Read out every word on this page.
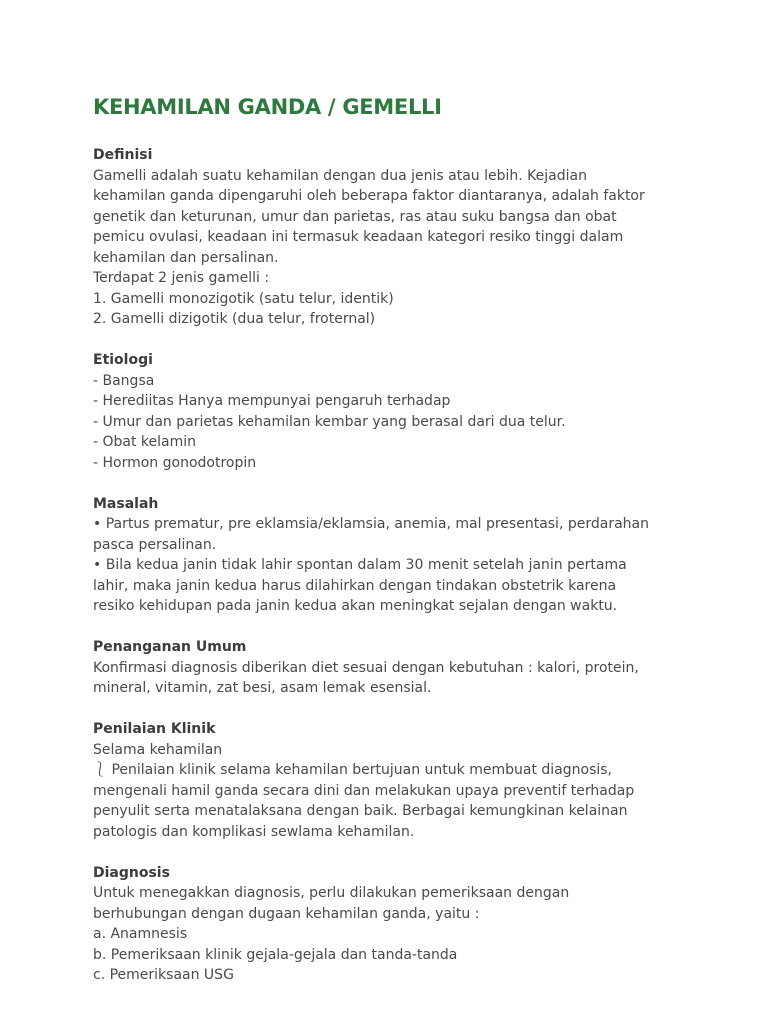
KEHAMILAN GANDA / GEMELLI

Definisi

Gamelli adalah suatu kehamilan dengan dua jenis atau lebih. Kejadian

kehamilan ganda dipengaruhi oleh beberapa faktor diantaranya, adalah faktor

genetik dan keturunan, umur dan parietas, ras atau suku bangsa dan obat

pemicu ovulasi, keadaan ini termasuk keadaan kategori resiko tinggi dalam

kehamilan dan persalinan.

Terdapat 2 jenis gamelli :

1. Gamelli monozigotik (satu telur, identik)

2. Gamelli dizigotik (dua telur, froternal)

Etiologi

- Bangsa

- Herediitas Hanya mempunyai pengaruh terhadap

- Umur dan parietas kehamilan kembar yang berasal dari dua telur.

- Obat kelamin

- Hormon gonodotropin

Masalah

• Partus prematur, pre eklamsia/eklamsia, anemia, mal presentasi, perdarahan

pasca persalinan.

• Bila kedua janin tidak lahir spontan dalam 30 menit setelah janin pertama

lahir, maka janin kedua harus dilahirkan dengan tindakan obstetrik karena

resiko kehidupan pada janin kedua akan meningkat sejalan dengan waktu.

Penanganan Umum

Konfirmasi diagnosis diberikan diet sesuai dengan kebutuhan : kalori, protein,

mineral, vitamin, zat besi, asam lemak esensial.

Penilaian Klinik

Selama kehamilan

⎱ Penilaian klinik selama kehamilan bertujuan untuk membuat diagnosis,

mengenali hamil ganda secara dini dan melakukan upaya preventif terhadap

penyulit serta menatalaksana dengan baik. Berbagai kemungkinan kelainan

patologis dan komplikasi sewlama kehamilan.

Diagnosis

Untuk menegakkan diagnosis, perlu dilakukan pemeriksaan dengan

berhubungan dengan dugaan kehamilan ganda, yaitu :

a. Anamnesis

b. Pemeriksaan klinik gejala-gejala dan tanda-tanda

c. Pemeriksaan USG
